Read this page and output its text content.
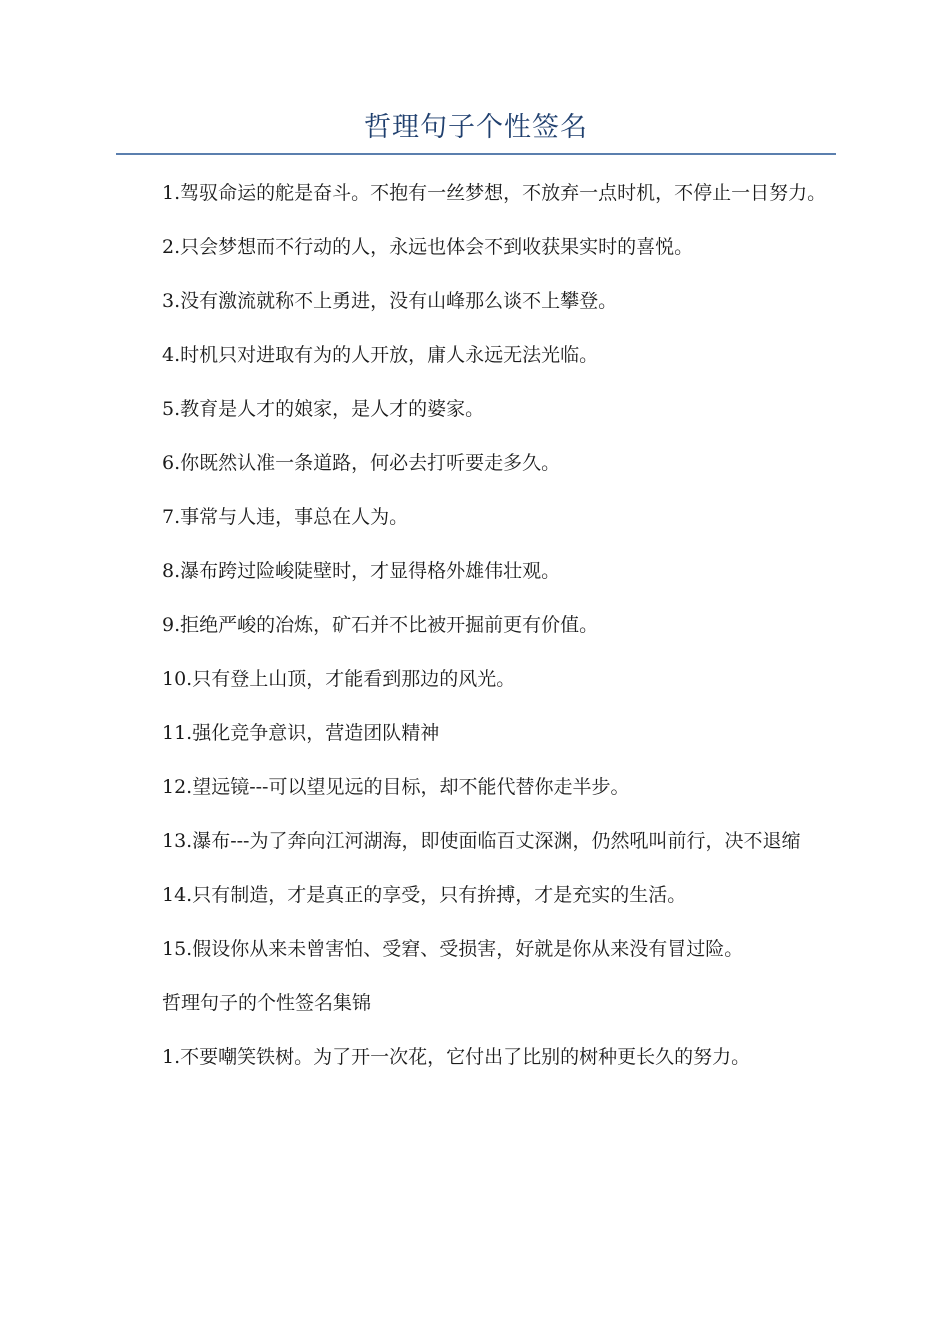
哲理句子个性签名

1.驾驭命运的舵是奋斗。不抱有一丝梦想，不放弃一点时机，不停止一日努力。

2.只会梦想而不行动的人，永远也体会不到收获果实时的喜悦。

3.没有激流就称不上勇进，没有山峰那么谈不上攀登。

4.时机只对进取有为的人开放，庸人永远无法光临。

5.教育是人才的娘家，是人才的婆家。

6.你既然认准一条道路，何必去打听要走多久。

7.事常与人违，事总在人为。

8.瀑布跨过险峻陡壁时，才显得格外雄伟壮观。

9.拒绝严峻的冶炼，矿石并不比被开掘前更有价值。

10.只有登上山顶，才能看到那边的风光。

11.强化竞争意识，营造团队精神

12.望远镜---可以望见远的目标，却不能代替你走半步。

13.瀑布---为了奔向江河湖海，即使面临百丈深渊，仍然吼叫前行，决不退缩

14.只有制造，才是真正的享受，只有拚搏，才是充实的生活。

15.假设你从来未曾害怕、受窘、受损害，好就是你从来没有冒过险。

哲理句子的个性签名集锦

1.不要嘲笑铁树。为了开一次花，它付出了比别的树种更长久的努力。
